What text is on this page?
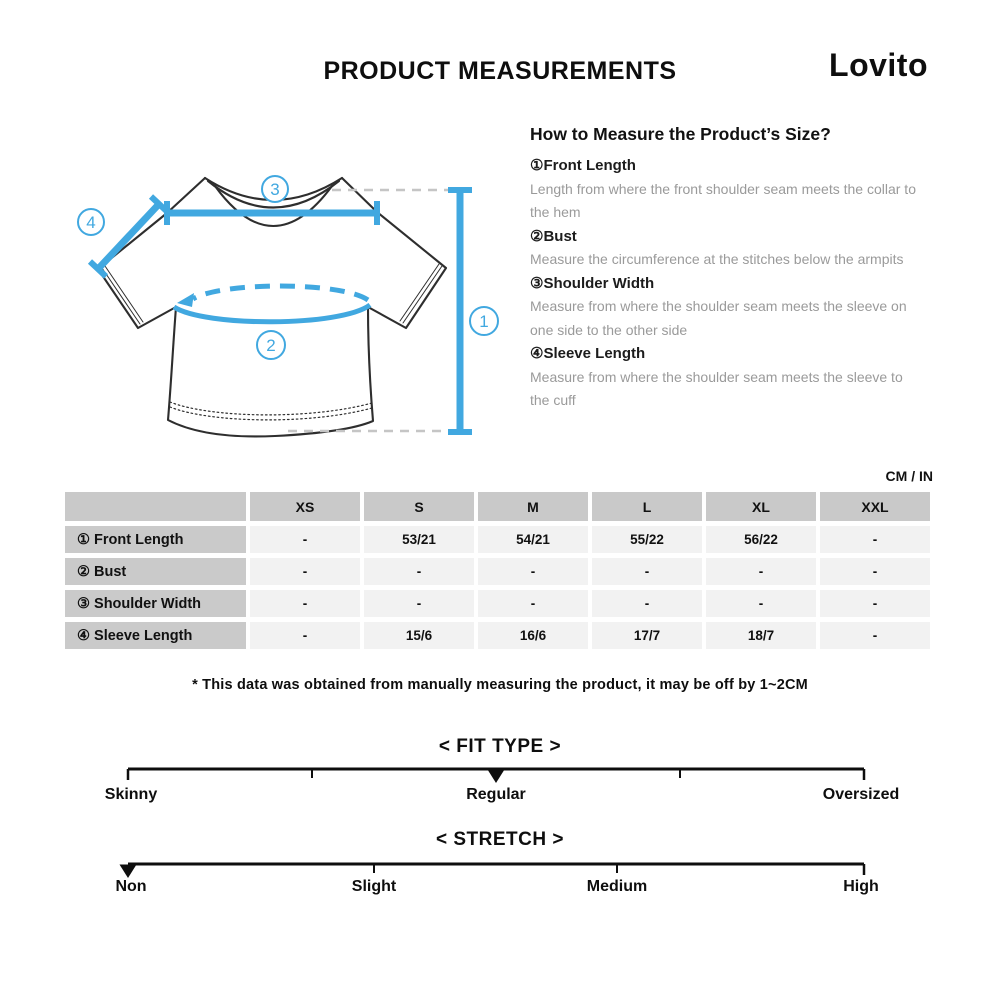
PRODUCT MEASUREMENTS	Lovito
3
4
2
1
How to Measure the Product’s Size?
①Front Length

Length from where the front shoulder seam meets the collar to the hem

②Bust

Measure the circumference at the stitches below the armpits

③Shoulder Width

Measure from where the shoulder seam meets the sleeve on one side to the other side

④Sleeve Length

Measure from where the shoulder seam meets the sleeve to the cuff

CM / IN
	XS	S	M	L	XL	XXL
① Front Length	-	53/21	54/21	55/22	56/22	-
② Bust	-	-	-	-	-	-
③ Shoulder Width	-	-	-	-	-	-
④ Sleeve Length	-	15/6	16/6	17/7	18/7	-
* This data was obtained from manually measuring the product, it may be off by 1~2CM
< FIT TYPE >
Skinny	Regular	Oversized
< STRETCH >
Non	Slight	Medium	High
